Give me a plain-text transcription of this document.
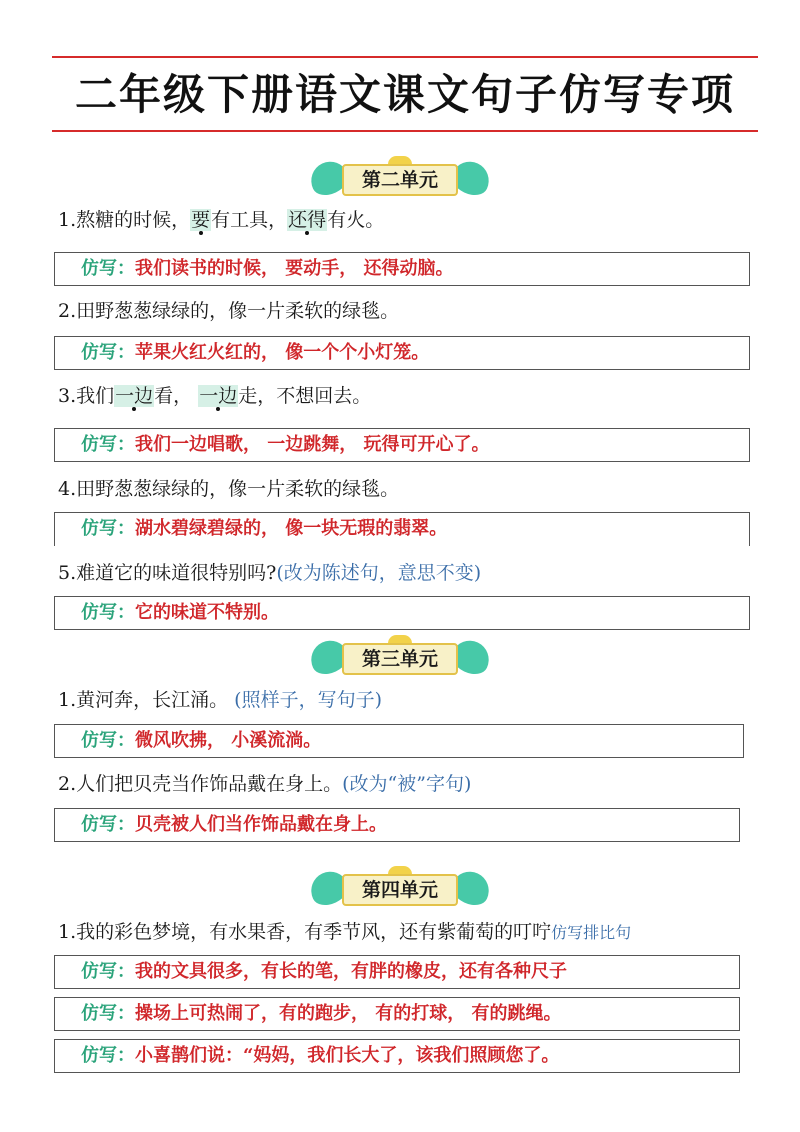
二年级下册语文课文句子仿写专项
第二单元
1.熬糖的时候，要有工具，还得有火。
仿写：我们读书的时候， 要动手， 还得动脑。
2.田野葱葱绿绿的，像一片柔软的绿毯。
仿写：苹果火红火红的， 像一个个小灯笼。
3.我们一边看， 一边走，不想回去。
仿写：我们一边唱歌， 一边跳舞， 玩得可开心了。
4.田野葱葱绿绿的，像一片柔软的绿毯。
仿写：湖水碧绿碧绿的， 像一块无瑕的翡翠。
5.难道它的味道很特别吗?(改为陈述句，意思不变)
仿写：它的味道不特别。
第三单元
1.黄河奔，长江涌。 (照样子，写句子)
仿写：微风吹拂， 小溪流淌。
2.人们把贝壳当作饰品戴在身上。(改为“被”字句)
仿写：贝壳被人们当作饰品戴在身上。
第四单元
1.我的彩色梦境，有水果香，有季节风，还有紫葡萄的叮咛仿写排比句
仿写：我的文具很多，有长的笔，有胖的橡皮，还有各种尺子
仿写：操场上可热闹了，有的跑步， 有的打球， 有的跳绳。
仿写：小喜鹊们说：“妈妈，我们长大了，该我们照顾您了。
